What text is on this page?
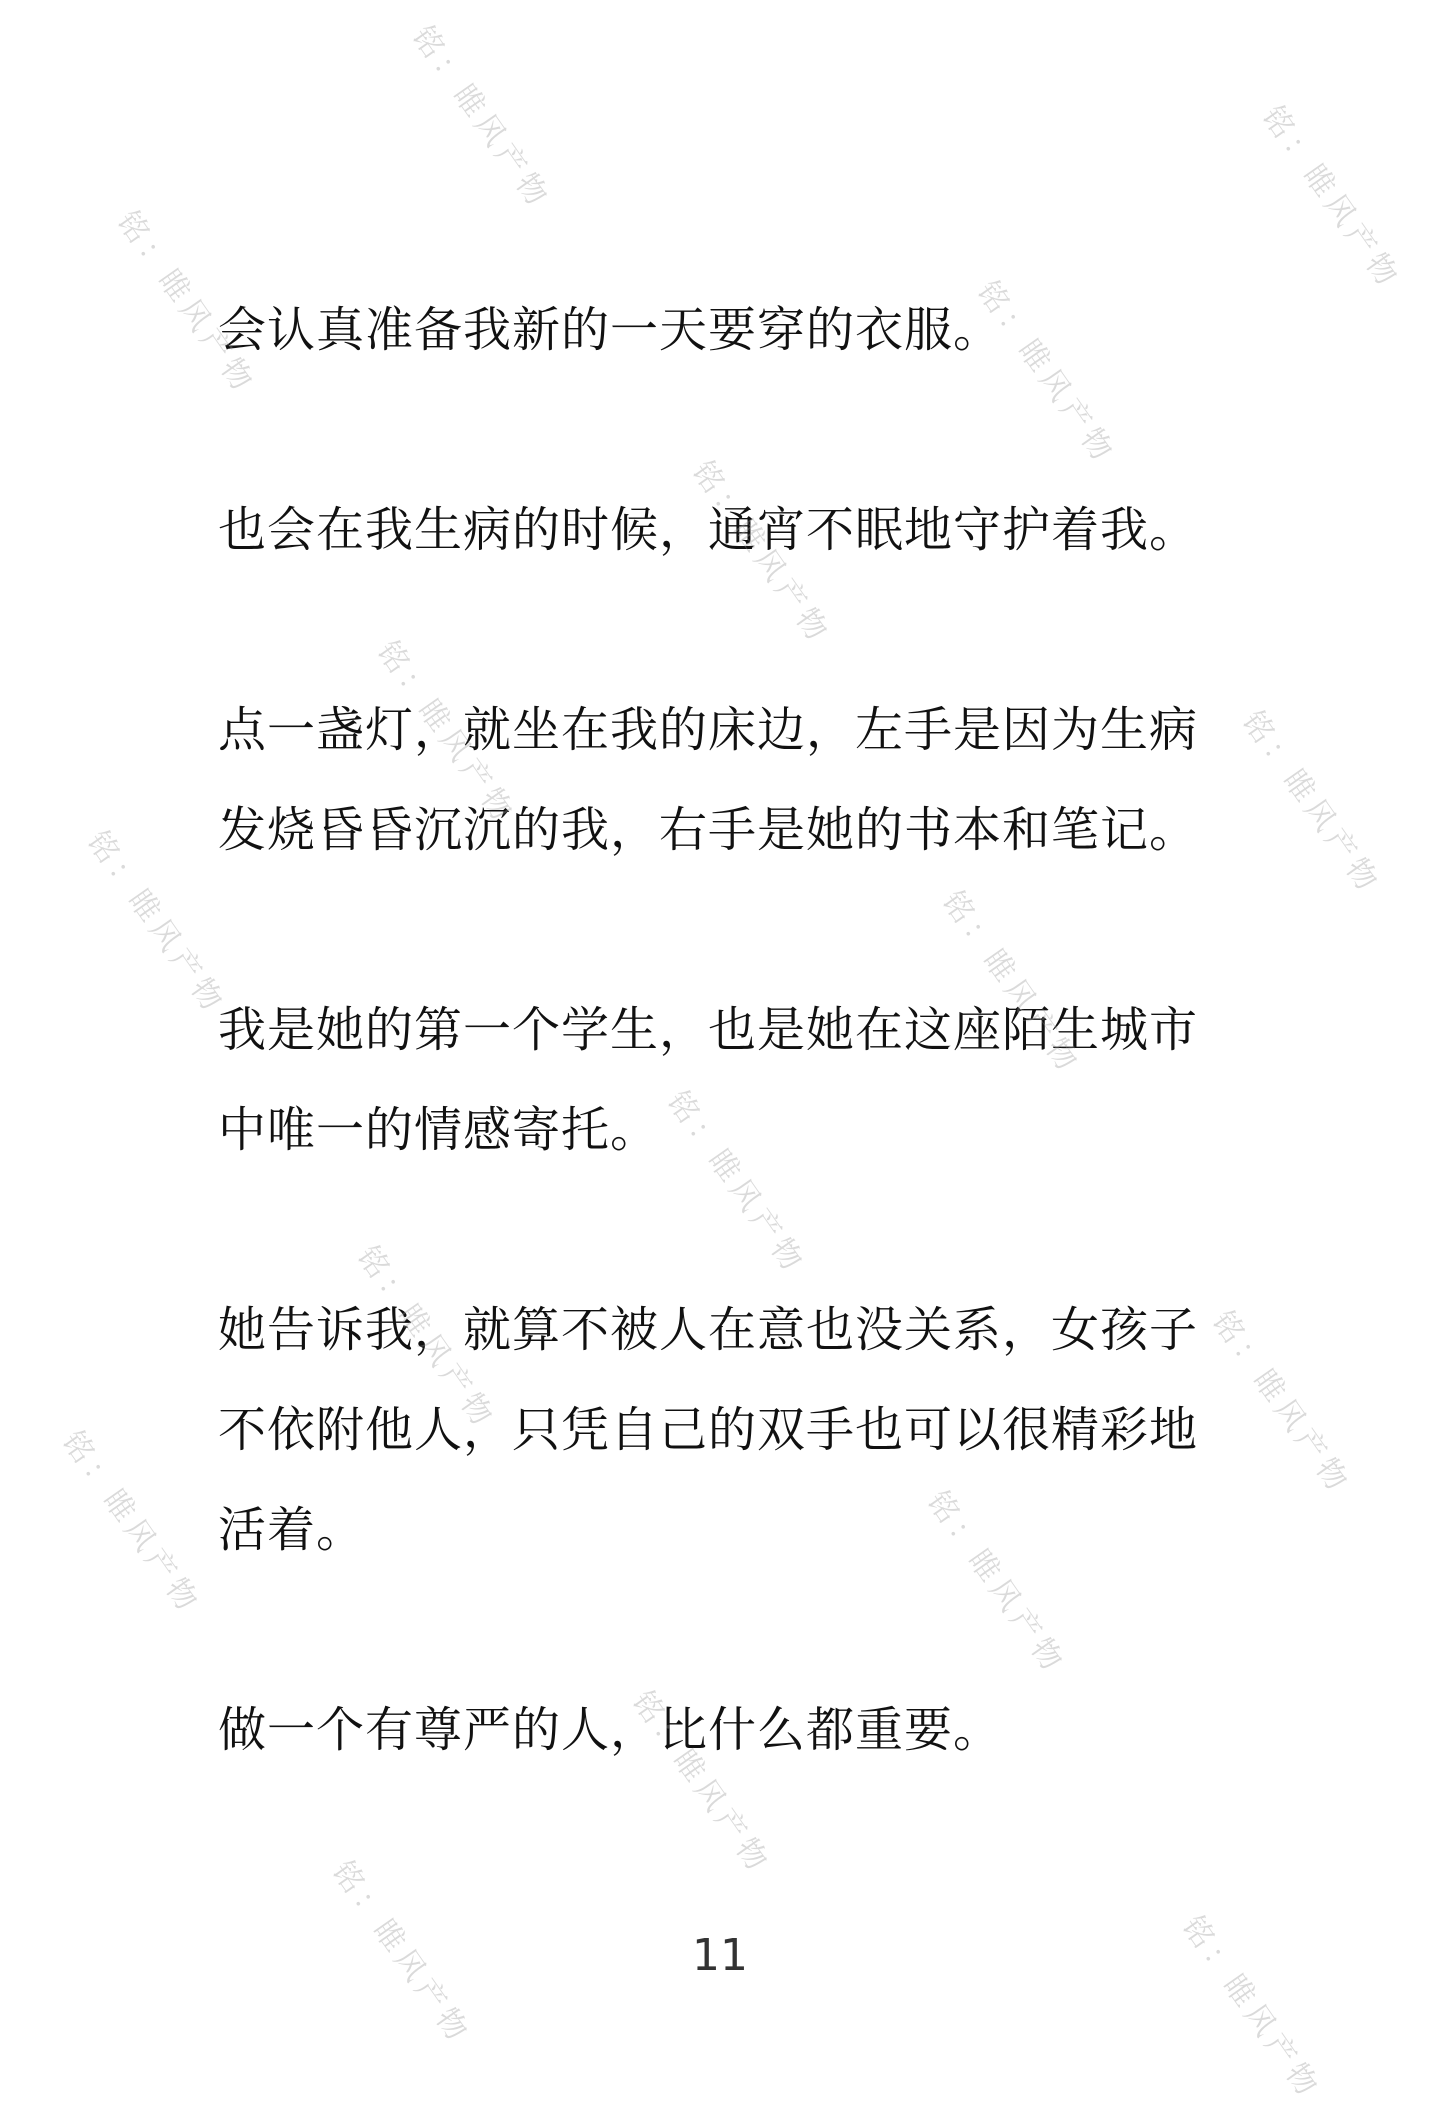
会认真准备我新的一天要穿的衣服。

也会在我生病的时候，通宵不眠地守护着我。

点一盏灯，就坐在我的床边，左手是因为生病发烧昏昏沉沉的我，右手是她的书本和笔记。

我是她的第一个学生，也是她在这座陌生城市中唯一的情感寄托。

她告诉我，就算不被人在意也没关系，女孩子不依附他人，只凭自己的双手也可以很精彩地活着。

做一个有尊严的人，比什么都重要。

11
铭：睢风产物	铭：睢风产物
铭：睢风产物	铭：睢风产物
铭：睢风产物
铭：睢风产物	铭：睢风产物
铭：睢风产物	铭：睢风产物
铭：睢风产物
铭：睢风产物	铭：睢风产物
铭：睢风产物	铭：睢风产物
铭：睢风产物
铭：睢风产物	铭：睢风产物
